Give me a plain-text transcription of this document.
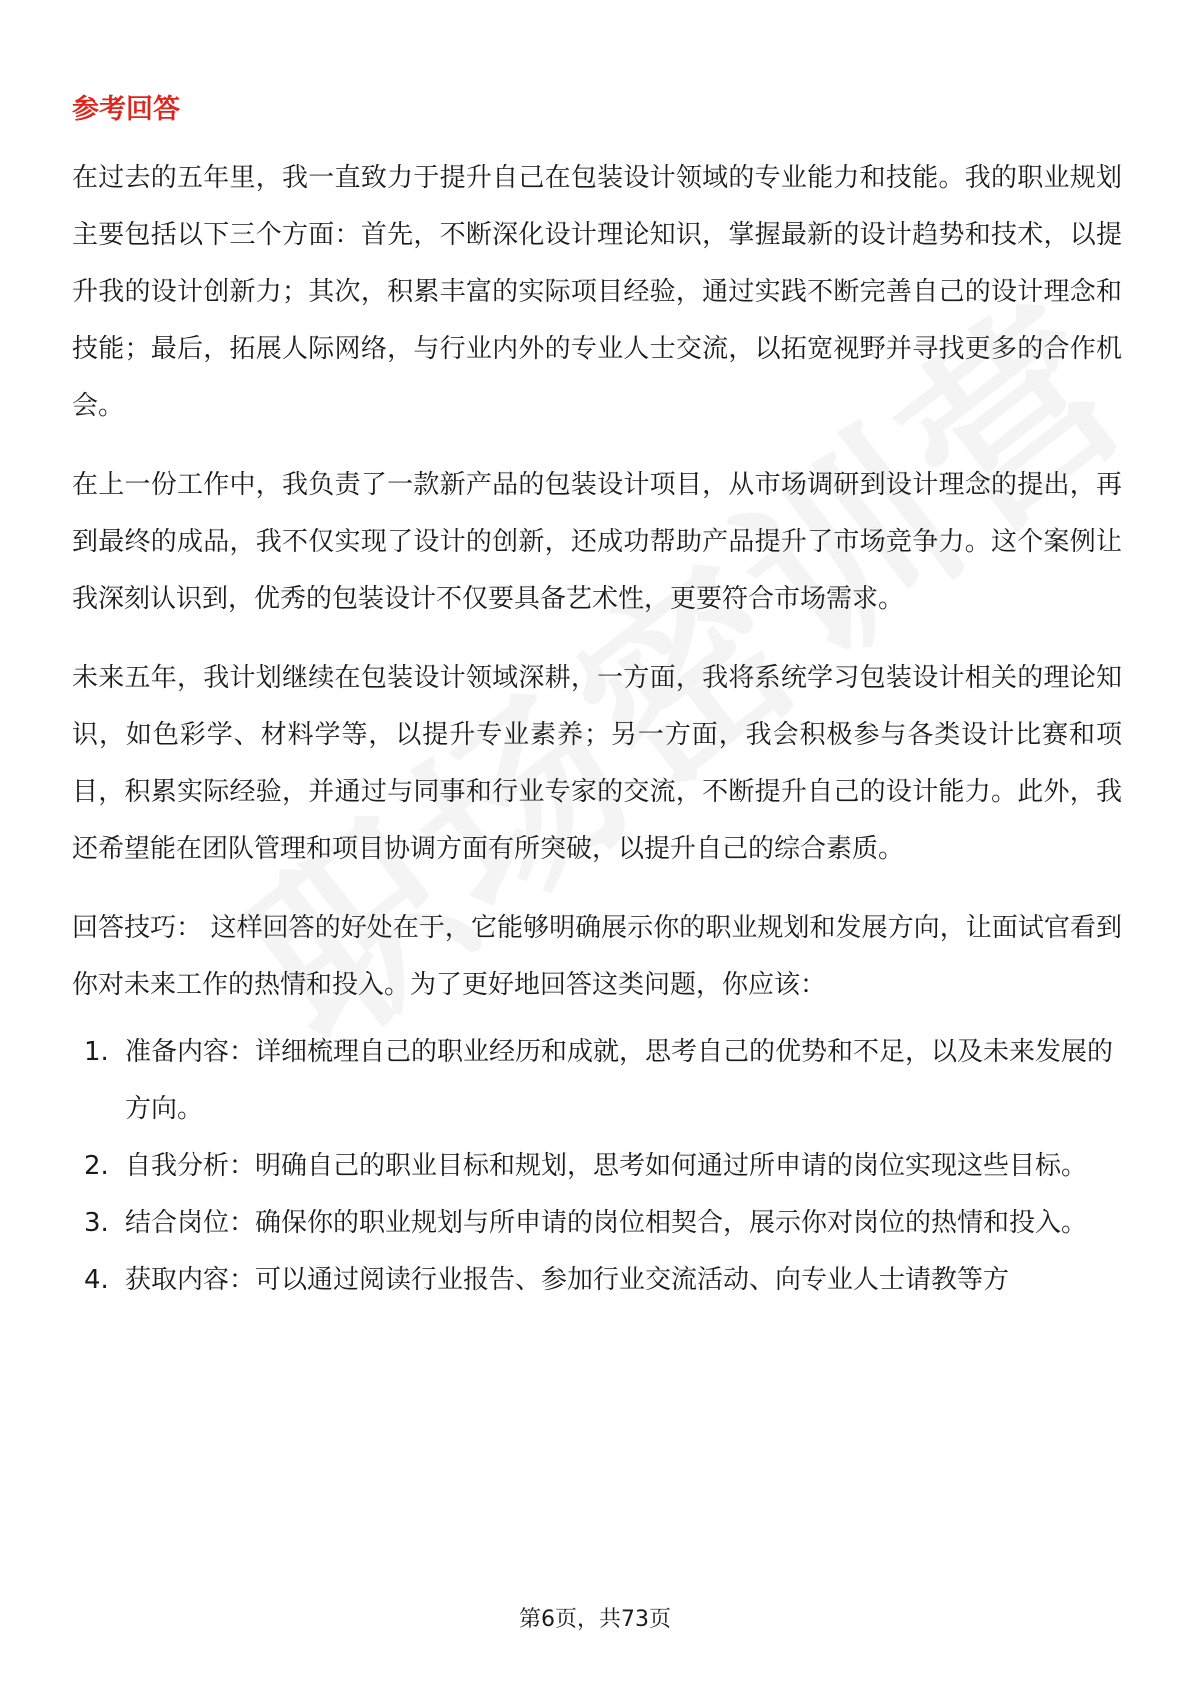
参考回答

在过去的五年里，我一直致力于提升自己在包装设计领域的专业能力和技能。我的职业规划主要包括以下三个方面：首先，不断深化设计理论知识，掌握最新的设计趋势和技术，以提升我的设计创新力；其次，积累丰富的实际项目经验，通过实践不断完善自己的设计理念和技能；最后，拓展人际网络，与行业内外的专业人士交流，以拓宽视野并寻找更多的合作机会。

在上一份工作中，我负责了一款新产品的包装设计项目，从市场调研到设计理念的提出，再到最终的成品，我不仅实现了设计的创新，还成功帮助产品提升了市场竞争力。这个案例让我深刻认识到，优秀的包装设计不仅要具备艺术性，更要符合市场需求。

未来五年，我计划继续在包装设计领域深耕，一方面，我将系统学习包装设计相关的理论知识，如色彩学、材料学等，以提升专业素养；另一方面，我会积极参与各类设计比赛和项目，积累实际经验，并通过与同事和行业专家的交流，不断提升自己的设计能力。此外，我还希望能在团队管理和项目协调方面有所突破，以提升自己的综合素质。

回答技巧： 这样回答的好处在于，它能够明确展示你的职业规划和发展方向，让面试官看到你对未来工作的热情和投入。为了更好地回答这类问题，你应该：

1. 准备内容：详细梳理自己的职业经历和成就，思考自己的优势和不足，以及未来发展的方向。
2. 自我分析：明确自己的职业目标和规划，思考如何通过所申请的岗位实现这些目标。
3. 结合岗位：确保你的职业规划与所申请的岗位相契合，展示你对岗位的热情和投入。
4. 获取内容：可以通过阅读行业报告、参加行业交流活动、向专业人士请教等方
第6页，共73页
